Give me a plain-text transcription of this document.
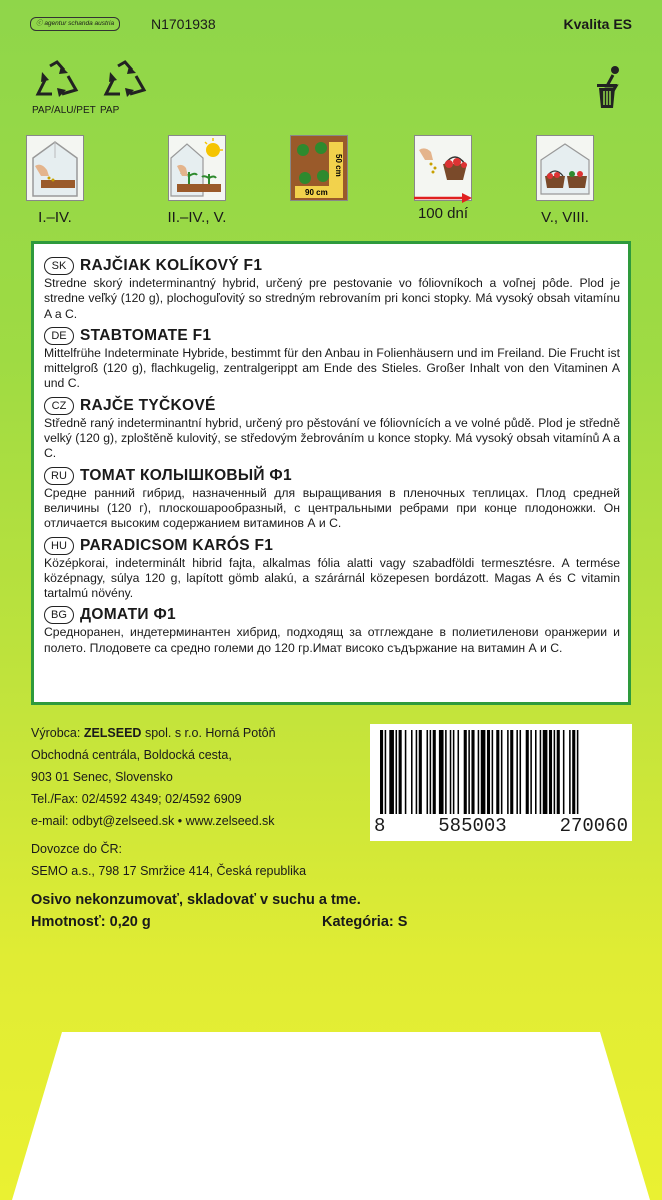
ⓒ agentur schanda austria	N1701938	Kvalita ES
PAP/ALU/PET PAP
I.–IV.	II.–IV., V.
50 cm
90 cm
100 dní	V., VIII.
SK RAJČIAK KOLÍKOVÝ F1
Stredne skorý indeterminantný hybrid, určený pre pestovanie vo fóliovníkoch a voľnej pôde. Plod je stredne veľký (120 g), plochoguľovitý so stredným rebrovaním pri konci stopky. Má vysoký obsah vitamínu A a C.
DE STABTOMATE F1
Mittelfrühe Indeterminate Hybride, bestimmt für den Anbau in Folienhäusern und im Freiland. Die Frucht ist mittelgroß (120 g), flachkugelig, zentralgerippt am Ende des Stieles. Großer Inhalt von den Vitaminen A und C.
CZ RAJČE TYČKOVÉ
Středně raný indeterminantní hybrid, určený pro pěstování ve fóliovnících a ve volné půdě. Plod je středně velký (120 g), zploštěně kulovitý, se středovým žebrováním u konce stopky. Má vysoký obsah vitamínů A a C.
RU ТОМАТ КОЛЫШКОВЫЙ Ф1
Средне ранний гибрид, назначенный для выращивания в пленочных теплицах. Плод средней величины (120 г), плоскошарообразный, с центральными ребрами при конце плодоножки. Он отличается высоким содержанием витаминов А и С.
HU PARADICSOM KARÓS F1
Középkorai, indeterminált hibrid fajta, alkalmas fólia alatti vagy szabadföldi termesztésre. A termése középnagy, súlya 120 g, lapított gömb alakú, a szárárnál közepesen bordázott. Magas A és C vitamin tartalmú növény.
BG ДОМАТИ Ф1
Средноранен, индетерминантен хибрид, подходящ за отглеждане в полиетиленови оранжерии и полето. Плодовете са средно големи до 120 гр.Имат високо съдържание на витамин А и С.
Výrobca: ZELSEED spol. s r.o. Horná Potôň
Obchodná centrála, Boldocká cesta,
903 01 Senec, Slovensko
Tel./Fax: 02/4592 4349; 02/4592 6909
e-mail: odbyt@zelseed.sk • www.zelseed.sk
Dovozce do ČR:
SEMO a.s., 798 17 Smržice 414, Česká republika
8	585003	270060
Osivo nekonzumovať, skladovať v suchu a tme.
Hmotnosť: 0,20 g	Kategória: S
